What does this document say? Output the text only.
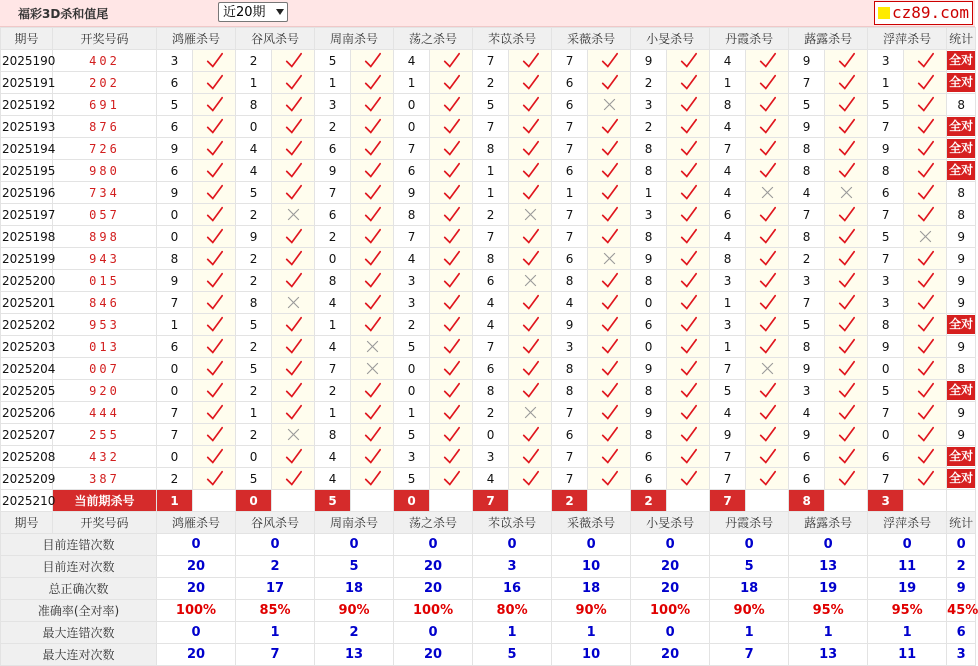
福彩3D杀和值尾	近20期	cz89.com
期号	开奖号码	鸿雁杀号		谷风杀号		周南杀号		荡之杀号		芣苡杀号		采薇杀号		小旻杀号		丹霞杀号		蕗露杀号		浮萍杀号		统计
2025190	402	3		2		5		4		7		7		9		4		9		3		全对
2025191	202	6		1		1		1		2		6		2		1		7		1		全对
2025192	691	5		8		3		0		5		6		3		8		5		5		8
2025193	876	6		0		2		0		7		7		2		4		9		7		全对
2025194	726	9		4		6		7		8		7		8		7		8		9		全对
2025195	980	6		4		9		6		1		6		8		4		8		8		全对
2025196	734	9		5		7		9		1		1		1		4		4		6		8
2025197	057	0		2		6		8		2		7		3		6		7		7		8
2025198	898	0		9		2		7		7		7		8		4		8		5		9
2025199	943	8		2		0		4		8		6		9		8		2		7		9
2025200	015	9		2		8		3		6		8		8		3		3		3		9
2025201	846	7		8		4		3		4		4		0		1		7		3		9
2025202	953	1		5		1		2		4		9		6		3		5		8		全对
2025203	013	6		2		4		5		7		3		0		1		8		9		9
2025204	007	0		5		7		0		6		8		9		7		9		0		8
2025205	920	0		2		2		0		8		8		8		5		3		5		全对
2025206	444	7		1		1		1		2		7		9		4		4		7		9
2025207	255	7		2		8		5		0		6		8		9		9		0		9
2025208	432	0		0		4		3		3		7		6		7		6		6		全对
2025209	387	2		5		4		5		4		7		6		7		6		7		全对
2025210	当前期杀号	1		0		5		0		7		2		2		7		8		3		
期号	开奖号码	鸿雁杀号		谷风杀号		周南杀号		荡之杀号		芣苡杀号		采薇杀号		小旻杀号		丹霞杀号		蕗露杀号		浮萍杀号		统计
目前连错次数		0		0		0		0		0		0		0		0		0		0		0
目前连对次数		20		2		5		20		3		10		20		5		13		11		2
总正确次数		20		17		18		20		16		18		20		18		19		19		9
准确率(全对率)		100%		85%		90%		100%		80%		90%		100%		90%		95%		95%		45%
最大连错次数		0		1		2		0		1		1		0		1		1		1		6
最大连对次数		20		7		13		20		5		10		20		7		13		11		3
